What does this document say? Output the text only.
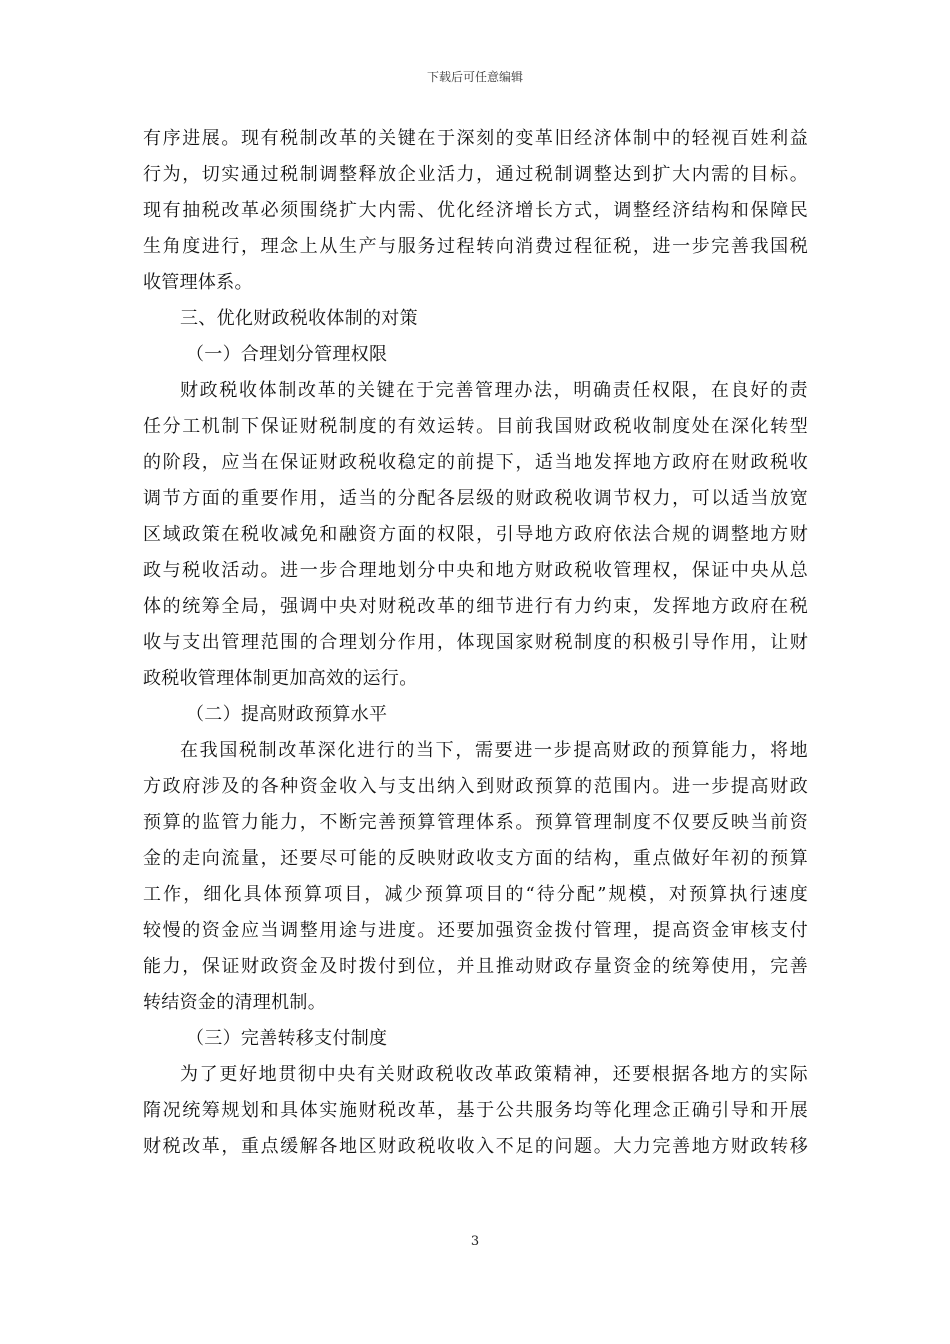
下载后可任意编辑
有序进展。现有税制改革的关键在于深刻的变革旧经济体制中的轻视百姓利益
行为，切实通过税制调整释放企业活力，通过税制调整达到扩大内需的目标。
现有抽税改革必须围绕扩大内需、优化经济增长方式，调整经济结构和保障民
生角度进行，理念上从生产与服务过程转向消费过程征税，进一步完善我国税
收管理体系。
三、优化财政税收体制的对策
（一）合理划分管理权限
财政税收体制改革的关键在于完善管理办法，明确责任权限，在良好的责
任分工机制下保证财税制度的有效运转。目前我国财政税收制度处在深化转型
的阶段，应当在保证财政税收稳定的前提下，适当地发挥地方政府在财政税收
调节方面的重要作用，适当的分配各层级的财政税收调节权力，可以适当放宽
区域政策在税收减免和融资方面的权限，引导地方政府依法合规的调整地方财
政与税收活动。进一步合理地划分中央和地方财政税收管理权，保证中央从总
体的统筹全局，强调中央对财税改革的细节进行有力约束，发挥地方政府在税
收与支出管理范围的合理划分作用，体现国家财税制度的积极引导作用，让财
政税收管理体制更加高效的运行。
（二）提高财政预算水平
在我国税制改革深化进行的当下，需要进一步提高财政的预算能力，将地
方政府涉及的各种资金收入与支出纳入到财政预算的范围内。进一步提高财政
预算的监管力能力，不断完善预算管理体系。预算管理制度不仅要反映当前资
金的走向流量，还要尽可能的反映财政收支方面的结构，重点做好年初的预算
工作，细化具体预算项目，减少预算项目的“待分配”规模，对预算执行速度
较慢的资金应当调整用途与进度。还要加强资金拨付管理，提高资金审核支付
能力，保证财政资金及时拨付到位，并且推动财政存量资金的统筹使用，完善
转结资金的清理机制。
（三）完善转移支付制度
为了更好地贯彻中央有关财政税收改革政策精神，还要根据各地方的实际
隋况统筹规划和具体实施财税改革，基于公共服务均等化理念正确引导和开展
财税改革，重点缓解各地区财政税收收入不足的问题。大力完善地方财政转移
3
